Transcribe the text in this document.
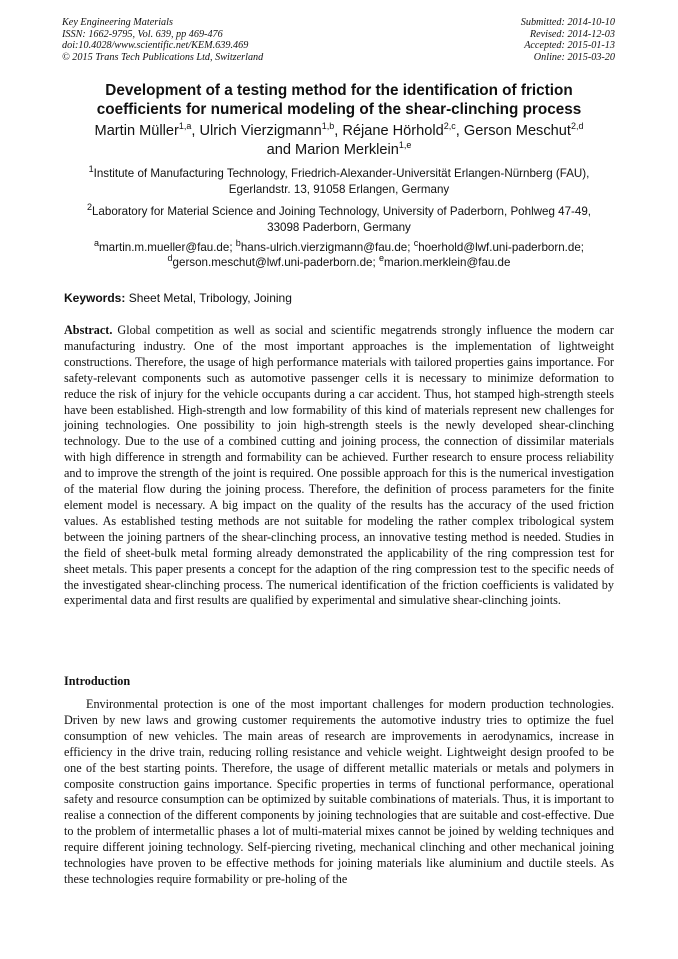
Key Engineering Materials
ISSN: 1662-9795, Vol. 639, pp 469-476
doi:10.4028/www.scientific.net/KEM.639.469
© 2015 Trans Tech Publications Ltd, Switzerland
Submitted: 2014-10-10
Revised: 2014-12-03
Accepted: 2015-01-13
Online: 2015-03-20
Development of a testing method for the identification of friction
coefficients for numerical modeling of the shear-clinching process
Martin Müller$^{1,a}$, Ulrich Vierzigmann$^{1,b}$, Réjane Hörhold$^{2,c}$, Gerson Meschut$^{2,d}$
and Marion Merklein$^{1,e}$
$^1$Institute of Manufacturing Technology, Friedrich-Alexander-Universität Erlangen-Nürnberg (FAU),
Egerlandstr. 13, 91058 Erlangen, Germany
$^2$Laboratory for Material Science and Joining Technology, University of Paderborn, Pohlweg 47-49,
33098 Paderborn, Germany
$^a$martin.m.mueller@fau.de; $^b$hans-ulrich.vierzigmann@fau.de; $^c$hoerhold@lwf.uni-paderborn.de;
$^d$gerson.meschut@lwf.uni-paderborn.de; $^e$marion.merklein@fau.de
Keywords: Sheet Metal, Tribology, Joining
Abstract. Global competition as well as social and scientific megatrends strongly influence the modern car manufacturing industry. One of the most important approaches is the implementation of lightweight constructions. Therefore, the usage of high performance materials with tailored properties gains importance. For safety-relevant components such as automotive passenger cells it is necessary to minimize deformation to reduce the risk of injury for the vehicle occupants during a car accident. Thus, hot stamped high-strength steels have been established. High-strength and low formability of this kind of materials represent new challenges for joining technologies. One possibility to join high-strength steels is the newly developed shear-clinching technology. Due to the use of a combined cutting and joining process, the connection of dissimilar materials with high difference in strength and formability can be achieved. Further research to ensure process reliability and to improve the strength of the joint is required. One possible approach for this is the numerical investigation of the material flow during the joining process. Therefore, the definition of process parameters for the finite element model is necessary. A big impact on the quality of the results has the accuracy of the used friction values. As established testing methods are not suitable for modeling the rather complex tribological system between the joining partners of the shear-clinching process, an innovative testing method is needed. Studies in the field of sheet-bulk metal forming already demonstrated the applicability of the ring compression test for sheet metals. This paper presents a concept for the adaption of the ring compression test to the specific needs of the investigated shear-clinching process. The numerical identification of the friction coefficients is validated by experimental data and first results are qualified by experimental and simulative shear-clinching joints.
Introduction
Environmental protection is one of the most important challenges for modern production technologies. Driven by new laws and growing customer requirements the automotive industry tries to optimize the fuel consumption of new vehicles. The main areas of research are improvements in aerodynamics, increase in efficiency in the drive train, reducing rolling resistance and vehicle weight. Lightweight design proofed to be one of the best starting points. Therefore, the usage of different metallic materials or metals and polymers in composite construction gains importance. Specific properties in terms of functional performance, operational safety and resource consumption can be optimized by suitable combinations of materials. Thus, it is important to realise a connection of the different components by joining technologies that are suitable and cost-effective. Due to the problem of intermetallic phases a lot of multi-material mixes cannot be joined by welding techniques and require different joining technology. Self-piercing riveting, mechanical clinching and other mechanical joining technologies have proven to be effective methods for joining materials like aluminium and ductile steels. As these technologies require formability or pre-holing of the
